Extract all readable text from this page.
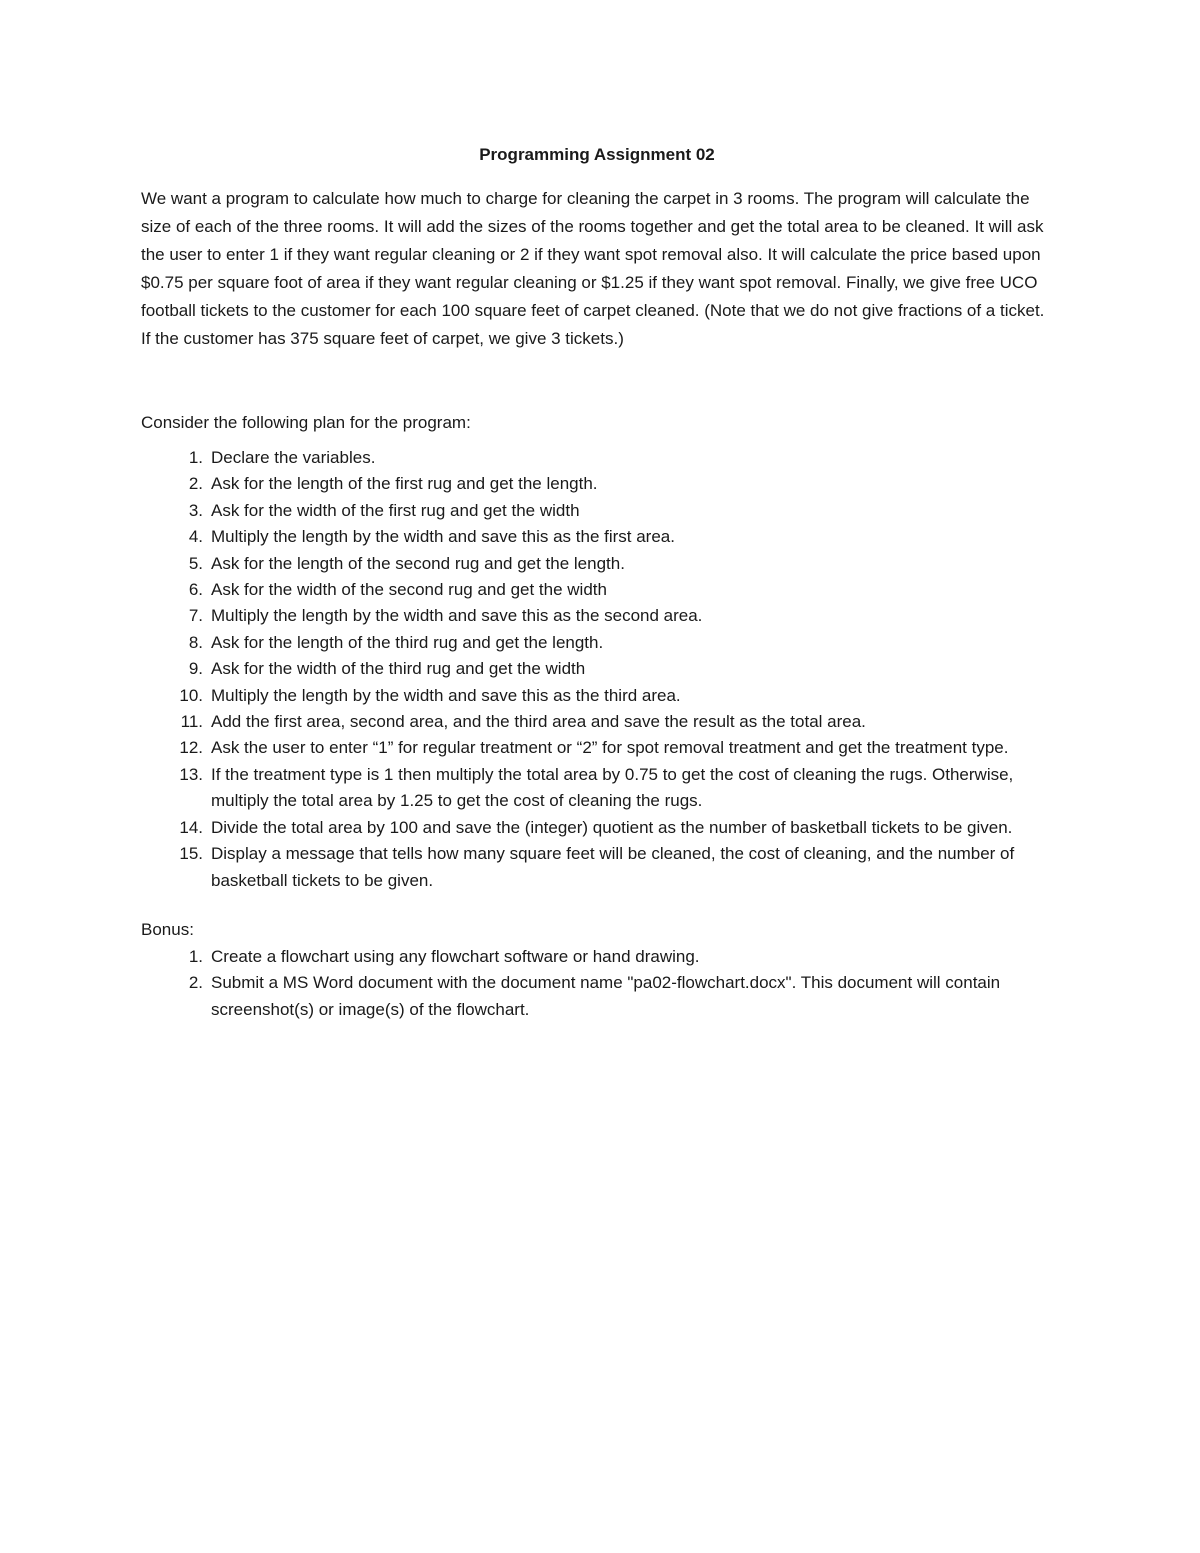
Programming Assignment 02

We want a program to calculate how much to charge for cleaning the carpet in 3 rooms. The program will calculate the size of each of the three rooms. It will add the sizes of the rooms together and get the total area to be cleaned. It will ask the user to enter 1 if they want regular cleaning or 2 if they want spot removal also. It will calculate the price based upon $0.75 per square foot of area if they want regular cleaning or $1.25 if they want spot removal. Finally, we give free UCO football tickets to the customer for each 100 square feet of carpet cleaned. (Note that we do not give fractions of a ticket. If the customer has 375 square feet of carpet, we give 3 tickets.)

Consider the following plan for the program:

1. Declare the variables.
2. Ask for the length of the first rug and get the length.
3. Ask for the width of the first rug and get the width
4. Multiply the length by the width and save this as the first area.
5. Ask for the length of the second rug and get the length.
6. Ask for the width of the second rug and get the width
7. Multiply the length by the width and save this as the second area.
8. Ask for the length of the third rug and get the length.
9. Ask for the width of the third rug and get the width
10. Multiply the length by the width and save this as the third area.
11. Add the first area, second area, and the third area and save the result as the total area.
12. Ask the user to enter “1” for regular treatment or “2” for spot removal treatment and get the treatment type.
13. If the treatment type is 1 then multiply the total area by 0.75 to get the cost of cleaning the rugs. Otherwise, multiply the total area by 1.25 to get the cost of cleaning the rugs.
14. Divide the total area by 100 and save the (integer) quotient as the number of basketball tickets to be given.
15. Display a message that tells how many square feet will be cleaned, the cost of cleaning, and the number of basketball tickets to be given.

Bonus:

1. Create a flowchart using any flowchart software or hand drawing.
2. Submit a MS Word document with the document name "pa02-flowchart.docx". This document will contain screenshot(s) or image(s) of the flowchart.
